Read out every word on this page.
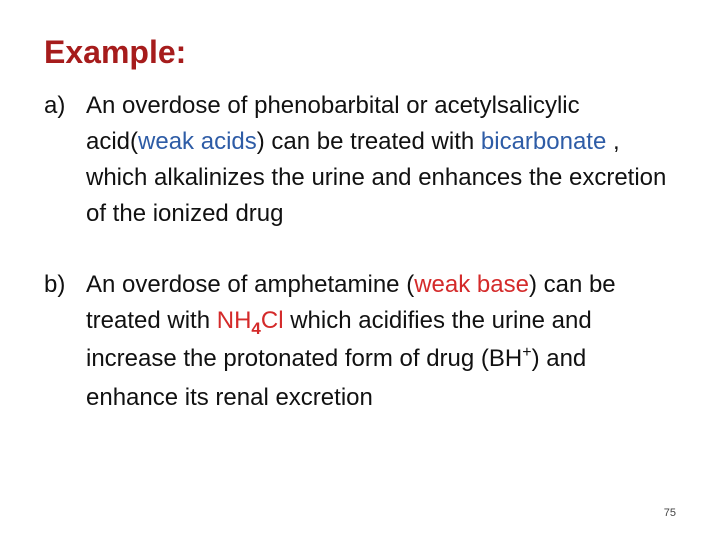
Example:
a) An overdose of phenobarbital or acetylsalicylic acid(weak acids) can be treated with bicarbonate , which alkalinizes the urine and enhances the excretion of the ionized drug
b) An overdose of amphetamine (weak base) can be treated with $NH_4Cl$ which acidifies the urine and increase the protonated form of drug (BH+) and enhance its renal excretion
75
